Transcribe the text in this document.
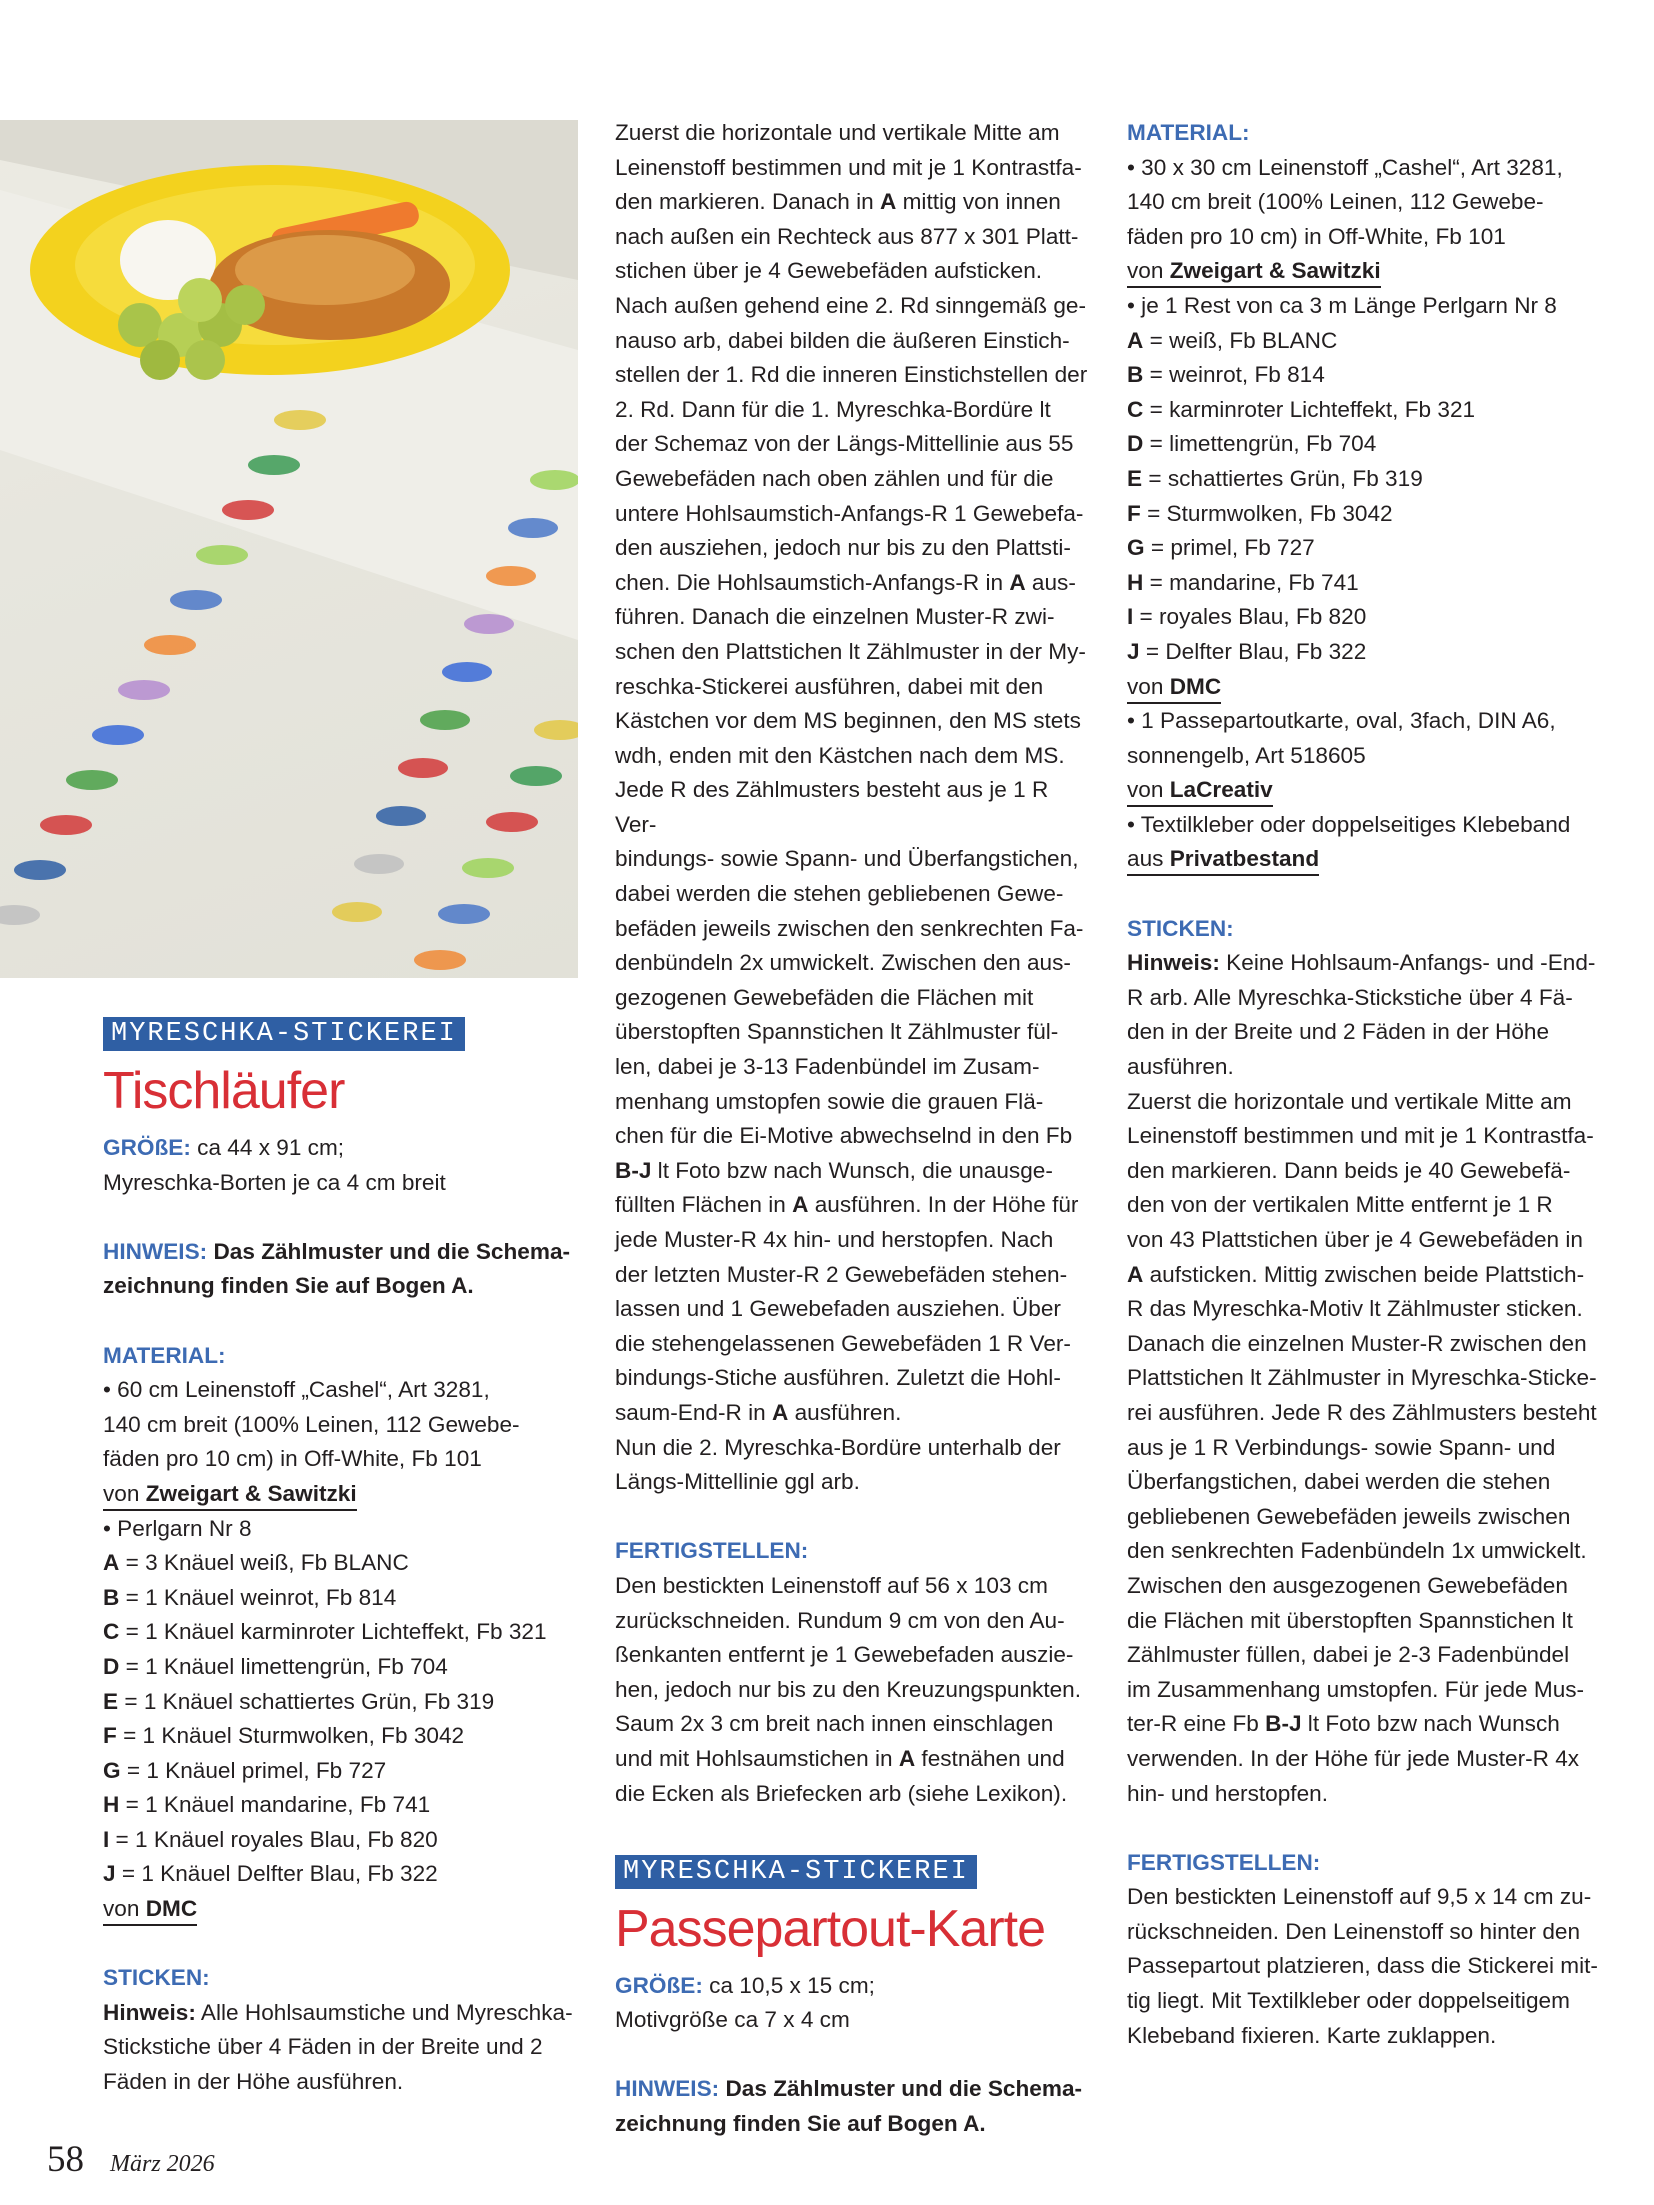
MYRESCHKA-STICKEREI
Tischläufer

GRÖßE: ca 44 x 91 cm;

Myreschka-Borten je ca 4 cm breit

HINWEIS: Das Zählmuster und die Schema-

zeichnung finden Sie auf Bogen A.

MATERIAL:

• 60 cm Leinenstoff „Cashel“, Art 3281,

140 cm breit (100% Leinen, 112 Gewebe-

fäden pro 10 cm) in Off-White, Fb 101

von Zweigart & Sawitzki

• Perlgarn Nr 8

A = 3 Knäuel weiß, Fb BLANC

B = 1 Knäuel weinrot, Fb 814

C = 1 Knäuel karminroter Lichteffekt, Fb 321

D = 1 Knäuel limettengrün, Fb 704

E = 1 Knäuel schattiertes Grün, Fb 319

F = 1 Knäuel Sturmwolken, Fb 3042

G = 1 Knäuel primel, Fb 727

H = 1 Knäuel mandarine, Fb 741

I = 1 Knäuel royales Blau, Fb 820

J = 1 Knäuel Delfter Blau, Fb 322

von DMC

STICKEN:

Hinweis: Alle Hohlsaumstiche und Myreschka-

Stickstiche über 4 Fäden in der Breite und 2

Fäden in der Höhe ausführen.

Zuerst die horizontale und vertikale Mitte am

Leinenstoff bestimmen und mit je 1 Kontrastfa-

den markieren. Danach in A mittig von innen

nach außen ein Rechteck aus 877 x 301 Platt-

stichen über je 4 Gewebefäden aufsticken.

Nach außen gehend eine 2. Rd sinngemäß ge-

nauso arb, dabei bilden die äußeren Einstich-

stellen der 1. Rd die inneren Einstichstellen der

2. Rd. Dann für die 1. Myreschka-Bordüre lt

der Schemaz von der Längs-Mittellinie aus 55

Gewebefäden nach oben zählen und für die

untere Hohlsaumstich-Anfangs-R 1 Gewebefa-

den ausziehen, jedoch nur bis zu den Plattsti-

chen. Die Hohlsaumstich-Anfangs-R in A aus-

führen. Danach die einzelnen Muster-R zwi-

schen den Plattstichen lt Zählmuster in der My-

reschka-Stickerei ausführen, dabei mit den

Kästchen vor dem MS beginnen, den MS stets

wdh, enden mit den Kästchen nach dem MS.

Jede R des Zählmusters besteht aus je 1 R Ver-

bindungs- sowie Spann- und Überfangstichen,

dabei werden die stehen gebliebenen Gewe-

befäden jeweils zwischen den senkrechten Fa-

denbündeln 2x umwickelt. Zwischen den aus-

gezogenen Gewebefäden die Flächen mit

überstopften Spannstichen lt Zählmuster fül-

len, dabei je 3-13 Fadenbündel im Zusam-

menhang umstopfen sowie die grauen Flä-

chen für die Ei-Motive abwechselnd in den Fb

B-J lt Foto bzw nach Wunsch, die unausge-

füllten Flächen in A ausführen. In der Höhe für

jede Muster-R 4x hin- und herstopfen. Nach

der letzten Muster-R 2 Gewebefäden stehen-

lassen und 1 Gewebefaden ausziehen. Über

die stehengelassenen Gewebefäden 1 R Ver-

bindungs-Stiche ausführen. Zuletzt die Hohl-

saum-End-R in A ausführen.

Nun die 2. Myreschka-Bordüre unterhalb der

Längs-Mittellinie ggl arb.

FERTIGSTELLEN:

Den bestickten Leinenstoff auf 56 x 103 cm

zurückschneiden. Rundum 9 cm von den Au-

ßenkanten entfernt je 1 Gewebefaden auszie-

hen, jedoch nur bis zu den Kreuzungspunkten.

Saum 2x 3 cm breit nach innen einschlagen

und mit Hohlsaumstichen in A festnähen und

die Ecken als Briefecken arb (siehe Lexikon).

MYRESCHKA-STICKEREI
Passepartout-Karte

GRÖßE: ca 10,5 x 15 cm;

Motivgröße ca 7 x 4 cm

HINWEIS: Das Zählmuster und die Schema-

zeichnung finden Sie auf Bogen A.

MATERIAL:

• 30 x 30 cm Leinenstoff „Cashel“, Art 3281,

140 cm breit (100% Leinen, 112 Gewebe-

fäden pro 10 cm) in Off-White, Fb 101

von Zweigart & Sawitzki

• je 1 Rest von ca 3 m Länge Perlgarn Nr 8

A = weiß, Fb BLANC

B = weinrot, Fb 814

C = karminroter Lichteffekt, Fb 321

D = limettengrün, Fb 704

E = schattiertes Grün, Fb 319

F = Sturmwolken, Fb 3042

G = primel, Fb 727

H = mandarine, Fb 741

I = royales Blau, Fb 820

J = Delfter Blau, Fb 322

von DMC

• 1 Passepartoutkarte, oval, 3fach, DIN A6,

sonnengelb, Art 518605

von LaCreativ

• Textilkleber oder doppelseitiges Klebeband

aus Privatbestand

STICKEN:

Hinweis: Keine Hohlsaum-Anfangs- und -End-

R arb. Alle Myreschka-Stickstiche über 4 Fä-

den in der Breite und 2 Fäden in der Höhe

ausführen.

Zuerst die horizontale und vertikale Mitte am

Leinenstoff bestimmen und mit je 1 Kontrastfa-

den markieren. Dann beids je 40 Gewebefä-

den von der vertikalen Mitte entfernt je 1 R

von 43 Plattstichen über je 4 Gewebefäden in

A aufsticken. Mittig zwischen beide Plattstich-

R das Myreschka-Motiv lt Zählmuster sticken.

Danach die einzelnen Muster-R zwischen den

Plattstichen lt Zählmuster in Myreschka-Sticke-

rei ausführen. Jede R des Zählmusters besteht

aus je 1 R Verbindungs- sowie Spann- und

Überfangstichen, dabei werden die stehen

gebliebenen Gewebefäden jeweils zwischen

den senkrechten Fadenbündeln 1x umwickelt.

Zwischen den ausgezogenen Gewebefäden

die Flächen mit überstopften Spannstichen lt

Zählmuster füllen, dabei je 2-3 Fadenbündel

im Zusammenhang umstopfen. Für jede Mus-

ter-R eine Fb B-J lt Foto bzw nach Wunsch

verwenden. In der Höhe für jede Muster-R 4x

hin- und herstopfen.

FERTIGSTELLEN:

Den bestickten Leinenstoff auf 9,5 x 14 cm zu-

rückschneiden. Den Leinenstoff so hinter den

Passepartout platzieren, dass die Stickerei mit-

tig liegt. Mit Textilkleber oder doppelseitigem

Klebeband fixieren. Karte zuklappen.

58 März 2026
